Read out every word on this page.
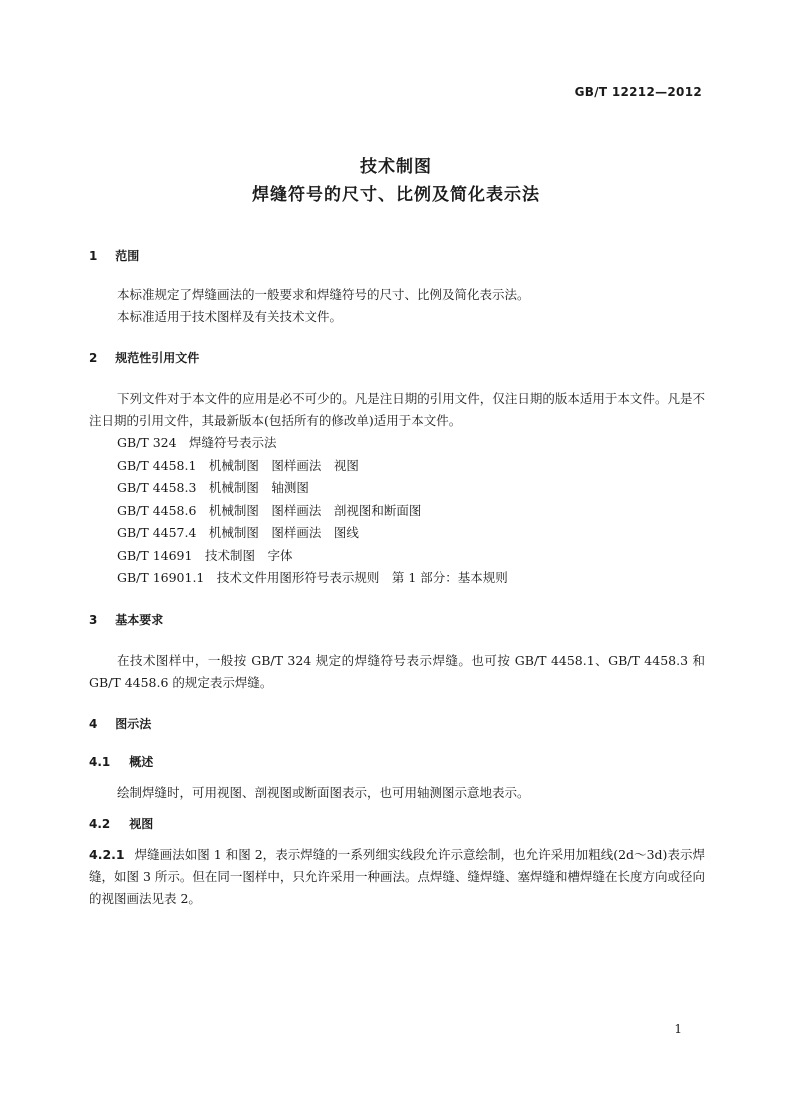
GB/T 12212—2012
技术制图
焊缝符号的尺寸、比例及简化表示法
1 范围

本标准规定了焊缝画法的一般要求和焊缝符号的尺寸、比例及简化表示法。

本标准适用于技术图样及有关技术文件。

2 规范性引用文件

下列文件对于本文件的应用是必不可少的。凡是注日期的引用文件，仅注日期的版本适用于本文件。凡是不注日期的引用文件，其最新版本(包括所有的修改单)适用于本文件。

GB/T 324　焊缝符号表示法
GB/T 4458.1　机械制图　图样画法　视图
GB/T 4458.3　机械制图　轴测图
GB/T 4458.6　机械制图　图样画法　剖视图和断面图
GB/T 4457.4　机械制图　图样画法　图线
GB/T 14691　技术制图　字体
GB/T 16901.1　技术文件用图形符号表示规则　第 1 部分：基本规则
3 基本要求

在技术图样中，一般按 GB/T 324 规定的焊缝符号表示焊缝。也可按 GB/T 4458.1、GB/T 4458.3 和 GB/T 4458.6 的规定表示焊缝。

4 图示法
4.1 概述

绘制焊缝时，可用视图、剖视图或断面图表示，也可用轴测图示意地表示。

4.2 视图

4.2.1 焊缝画法如图 1 和图 2，表示焊缝的一系列细实线段允许示意绘制，也允许采用加粗线(2d～3d)表示焊缝，如图 3 所示。但在同一图样中，只允许采用一种画法。点焊缝、缝焊缝、塞焊缝和槽焊缝在长度方向或径向的视图画法见表 2。

1
